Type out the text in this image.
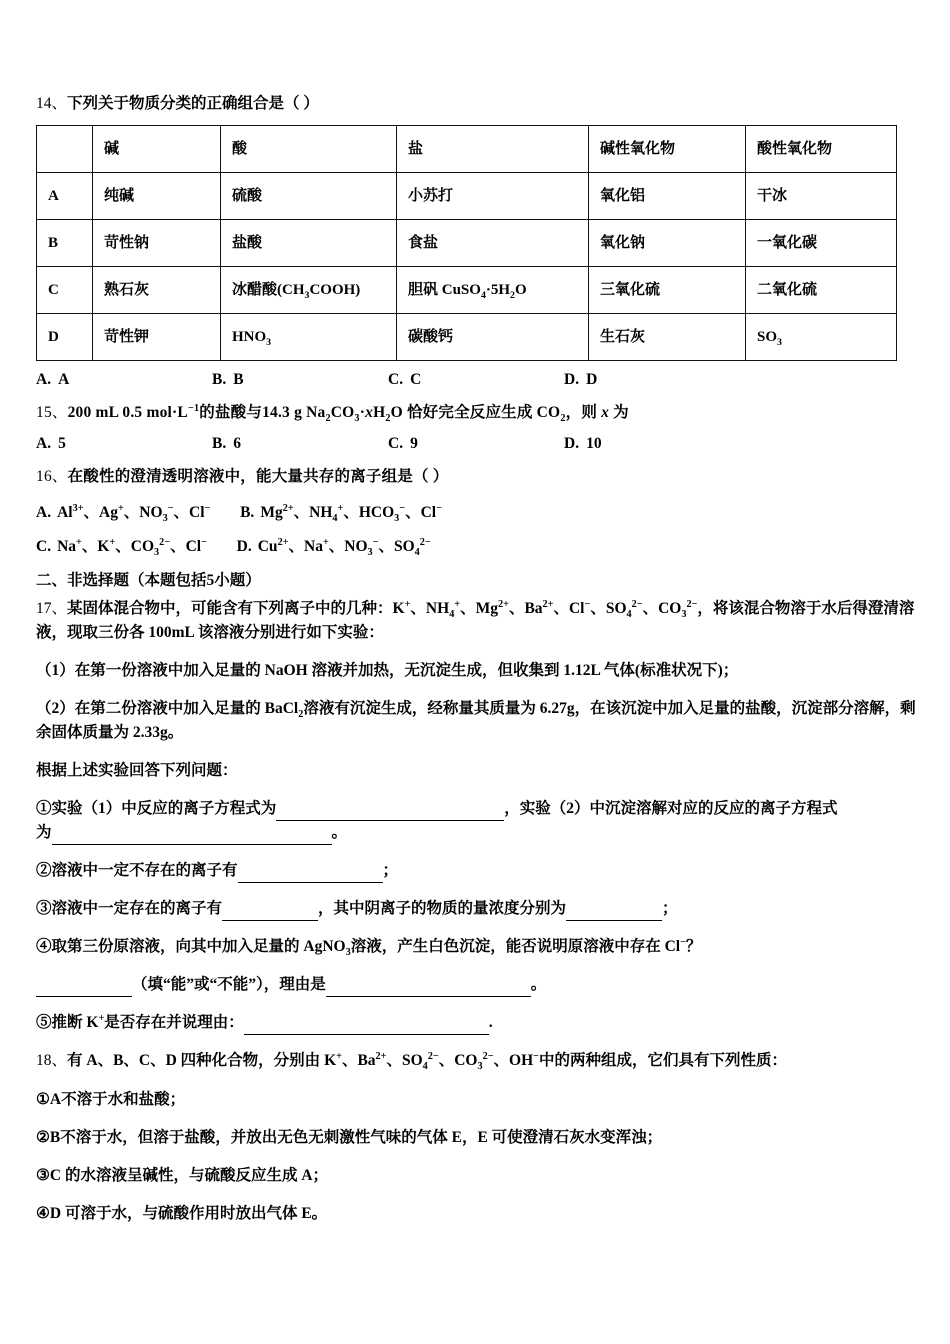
14、下列关于物质分类的正确组合是（ ）
	碱	酸	盐	碱性氧化物	酸性氧化物
A	纯碱	硫酸	小苏打	氧化铝	干冰
B	苛性钠	盐酸	食盐	氧化钠	一氧化碳
C	熟石灰	冰醋酸$(CH_3COOH)$	胆矾 $CuSO_4\cdot 5H_2O$	三氧化硫	二氧化硫
D	苛性钾	$HNO_3$	碳酸钙	生石灰	$SO_3$
A. A	B. B	C. C	D. D
15、200 mL 0.5 $mol\cdot L^{-1}$的盐酸与14.3 g $Na_2CO_3\cdot xH_2O$ 恰好完全反应生成 $CO_2$，则 x 为
A. 5	B. 6	C. 9	D. 10
16、在酸性的澄清透明溶液中，能大量共存的离子组是（ ）
A. $Al^{3+}$、Ag+、$NO_3^-$、Cl− B. $Mg^{2+}$、$NH_4^+$、$HCO_3^-$、Cl−
C. Na+、K+、$CO_3^{2-}$、Cl− D. $Cu^{2+}$、Na+、$NO_3^-$、$SO_4^{2-}$
二、非选择题（本题包括5小题）
17、某固体混合物中，可能含有下列离子中的几种：K+、$NH_4^+$、$Mg^{2+}$、$Ba^{2+}$、Cl−、$SO_4^{2-}$、$CO_3^{2-}$，将该混合物溶于水后得澄清溶液，现取三份各 100mL 该溶液分别进行如下实验：
（1）在第一份溶液中加入足量的 NaOH 溶液并加热，无沉淀生成，但收集到 1.12L 气体(标准状况下)；
（2）在第二份溶液中加入足量的 BaCl$_2$溶液有沉淀生成，经称量其质量为 6.27g，在该沉淀中加入足量的盐酸，沉淀部分溶解，剩余固体质量为 2.33g。
根据上述实验回答下列问题：
①实验（1）中反应的离子方程式为	，实验（2）中沉淀溶解对应的反应的离子方程式
为	。
②溶液中一定不存在的离子有	；
③溶液中一定存在的离子有	，其中阴离子的物质的量浓度分别为	；
④取第三份原溶液，向其中加入足量的 AgNO$_3$溶液，产生白色沉淀，能否说明原溶液中存在 Cl−？
（填“能”或“不能”），理由是	。
⑤推断 K+是否存在并说理由：	.
18、有 A、B、C、D 四种化合物，分别由 K+、$Ba^{2+}$、$SO_4^{2-}$、$CO_3^{2-}$、OH−中的两种组成，它们具有下列性质：
①A不溶于水和盐酸；
②B不溶于水，但溶于盐酸，并放出无色无刺激性气味的气体 E，E 可使澄清石灰水变浑浊；
③C 的水溶液呈碱性，与硫酸反应生成 A；
④D 可溶于水，与硫酸作用时放出气体 E。
